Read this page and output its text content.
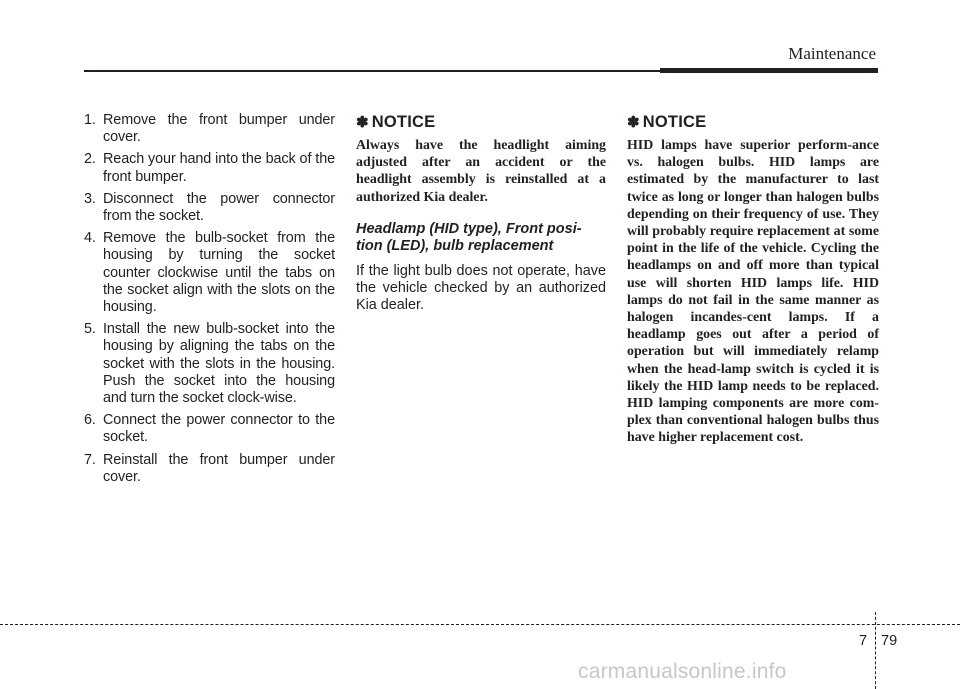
Maintenance
1. Remove the front bumper under cover.
2. Reach your hand into the back of the front bumper.
3. Disconnect the power connector from the socket.
4. Remove the bulb-socket from the housing by turning the socket counter clockwise until the tabs on the socket align with the slots on the housing.
5. Install the new bulb-socket into the housing by aligning the tabs on the socket with the slots in the housing. Push the socket into the housing and turn the socket clock-wise.
6. Connect the power connector to the socket.
7. Reinstall the front bumper under cover.
✽ NOTICE

Always have the headlight aiming adjusted after an accident or the headlight assembly is reinstalled at a authorized Kia dealer.

Headlamp (HID type), Front posi-tion (LED), bulb replacement

If the light bulb does not operate, have the vehicle checked by an authorized Kia dealer.

✽ NOTICE

HID lamps have superior perform-ance vs. halogen bulbs. HID lamps are estimated by the manufacturer to last twice as long or longer than halogen bulbs depending on their frequency of use. They will probably require replacement at some point in the life of the vehicle. Cycling the headlamps on and off more than typical use will shorten HID lamps life. HID lamps do not fail in the same manner as halogen incandes-cent lamps. If a headlamp goes out after a period of operation but will immediately relamp when the head-lamp switch is cycled it is likely the HID lamp needs to be replaced. HID lamping components are more com-plex than conventional halogen bulbs thus have higher replacement cost.

7 79
carmanualsonline.info
